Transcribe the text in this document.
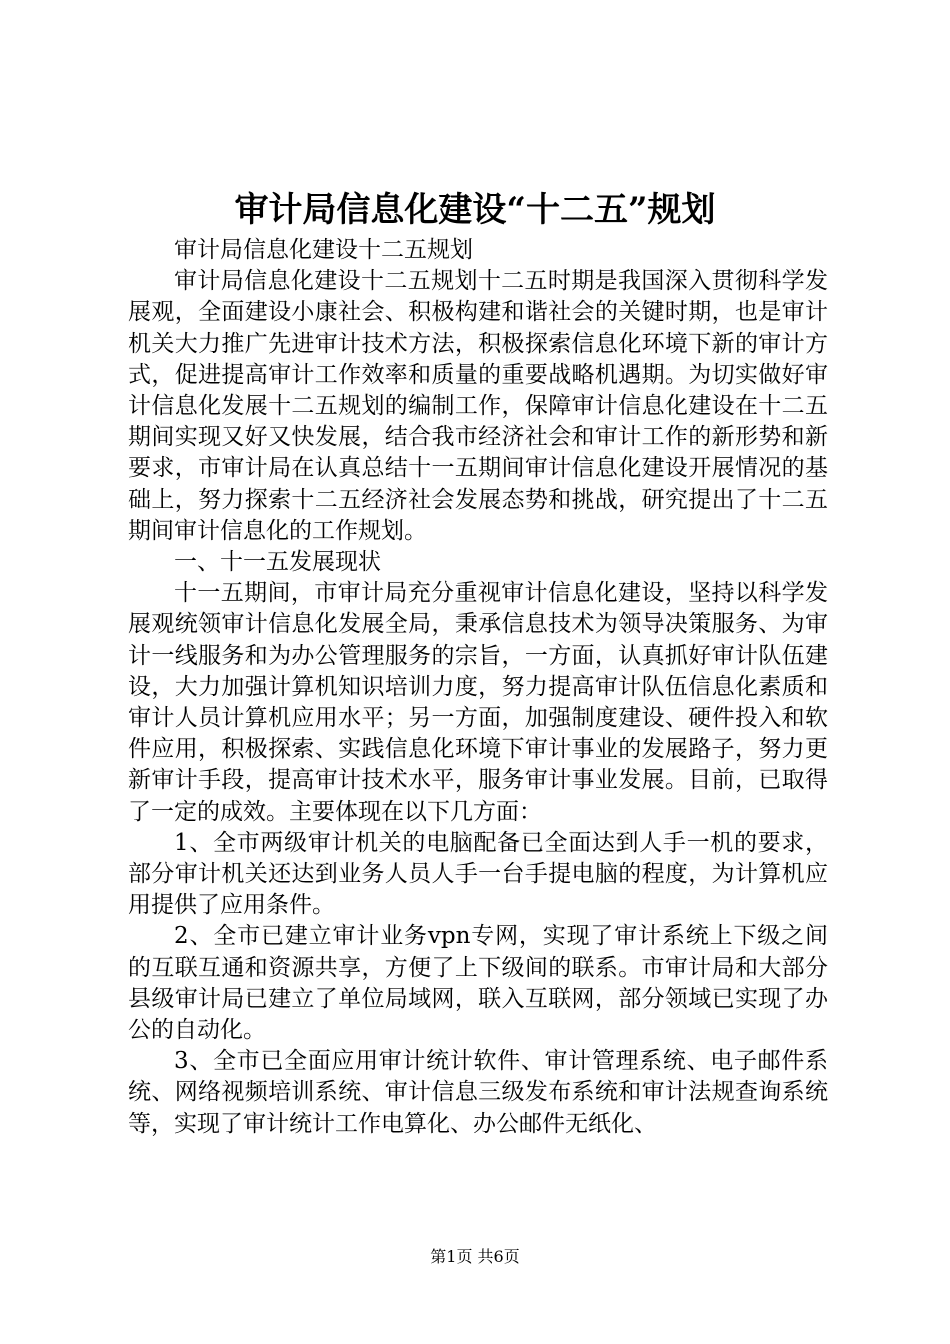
审计局信息化建设“十二五”规划

审计局信息化建设十二五规划

审计局信息化建设十二五规划十二五时期是我国深入贯彻科学发展观，全面建设小康社会、积极构建和谐社会的关键时期，也是审计机关大力推广先进审计技术方法，积极探索信息化环境下新的审计方式，促进提高审计工作效率和质量的重要战略机遇期。为切实做好审计信息化发展十二五规划的编制工作，保障审计信息化建设在十二五期间实现又好又快发展，结合我市经济社会和审计工作的新形势和新要求，市审计局在认真总结十一五期间审计信息化建设开展情况的基础上，努力探索十二五经济社会发展态势和挑战，研究提出了十二五期间审计信息化的工作规划。

一、十一五发展现状

十一五期间，市审计局充分重视审计信息化建设，坚持以科学发展观统领审计信息化发展全局，秉承信息技术为领导决策服务、为审计一线服务和为办公管理服务的宗旨，一方面，认真抓好审计队伍建设，大力加强计算机知识培训力度，努力提高审计队伍信息化素质和审计人员计算机应用水平；另一方面，加强制度建设、硬件投入和软件应用，积极探索、实践信息化环境下审计事业的发展路子，努力更新审计手段，提高审计技术水平，服务审计事业发展。目前，已取得了一定的成效。主要体现在以下几方面：

1、全市两级审计机关的电脑配备已全面达到人手一机的要求，部分审计机关还达到业务人员人手一台手提电脑的程度，为计算机应用提供了应用条件。

2、全市已建立审计业务vpn专网，实现了审计系统上下级之间的互联互通和资源共享，方便了上下级间的联系。市审计局和大部分县级审计局已建立了单位局域网，联入互联网，部分领域已实现了办公的自动化。

3、全市已全面应用审计统计软件、审计管理系统、电子邮件系统、网络视频培训系统、审计信息三级发布系统和审计法规查询系统等，实现了审计统计工作电算化、办公邮件无纸化、

第1页 共6页
